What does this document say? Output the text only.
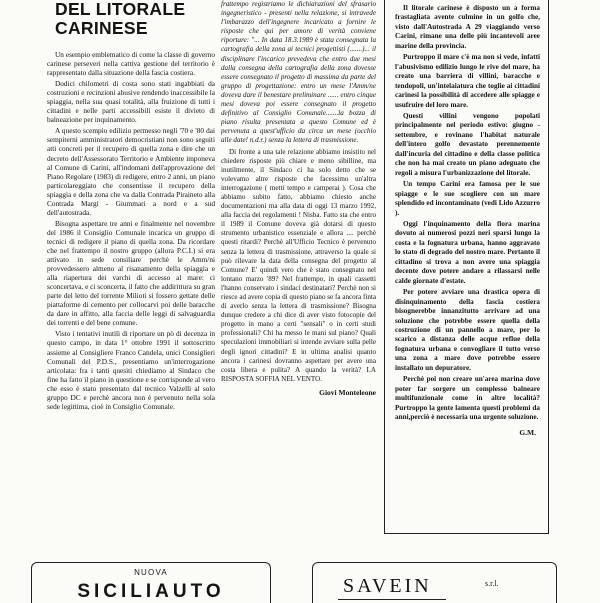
DEL LITORALE CARINESE

Un esempio emblematico di come la classe di governo carinese perseveri nella cattiva gestione del territorio è rappresentato dalla situazione della fascia costiera.

Dodici chilometri di costa sono stati ingabbiati da costruzioni e recinzioni abusive rendendo inaccessibile la spiaggia, nella sua quasi totalità, alla fruizione di tutti i cittadini e nelle parti accessibili esiste il divieto di balneazione per inquinamento.

A questo scempio edilizio permesso negli '70 e '80 dai sempiterni amministratori democristiani non sono seguiti atti concreti per il recupero di quella zona e dire che un decreto dell'Assessorato Territorio e Ambiente imponeva al Comune di Carini, all'indomani dell'approvazione del Piano Regolare (1983) di redigere, entro 2 anni, un piano particolareggiato che consentisse il recupero della spiaggia e della zona che va dalla Contrada Piraineto alla Contrada Margi - Giummari a nord e a sud dell'autostrada.

Bisogna aspettare tre anni e finalmente nel novembre del 1986 il Consiglio Comunale incarica un gruppo di tecnici di redigere il piano di quella zona. Da ricordare che nel frattempo il nostro gruppo (allora P.C.I.) si era attivato in sede consiliare perchè le Amm/ni provvedessero almeno al risanamento della spiaggia e alla riapertura dei varchi di accesso al mare: ci sconcertava, e ci sconcerta, il fatto che addirittura su gran parte del letto del torrente Milioti si fossero gettate delle piattaforme di cemento per collocarvi poi delle baracche da dare in affitto, alla faccia delle leggi di salvaguardia dei torrenti e del bene comune.

Visto i tentativi inutili di riportare un pò di decenza in questo campo, in data 1° ottobre 1991 il sottoscritto assieme al Consigliere Franco Candela, unici Consiglieri Comunali del P.D.S., presentiamo un'interrogazione articolata: fra i tanti quesiti chiediamo al Sindaco che fine ha fatto il piano in questione e se corrisponde al vero che esso è stato presentato dal tecnico Valzelli al solo gruppo DC e perchè ancora non è pervenuto nella sola sede legittima, cioè in Consiglio Comunale.

frattempo registriamo le dichiarazioni del sfrasario ingegneristico - presenti nella relazione, si intravede l'imbarazzo dell'ingegnere incaricato a fornire le risposte che qui per amore di verità conviene riportare: "... In data 18.3.1989 è stata consegnata la cartografia della zona ai tecnici progettisti (.......)... il disciplinare l'incarico prevedeva che entro due mesi dalla consegna della cartografia della zona dovesse essere consegnato il progetto di massima da parte del gruppo di progettazione: entro un mese l'Amm/ne doveva dare il benestare preliminare ...... entro cinque mesi doveva poi essere consegnato il progetto definitivo al Consiglio Comunale.......la bozza di piano risulta presentata a questo Comune ed è pervenuta a quest'ufficio da circa un mese (occhio alle date! n.d.r.) senza la lettera di trasmissione.

Di fronte a una tale relazione abbiamo insistito nel chiedere risposte più chiare e meno sibilline, ma inutilmente, il Sindaco ci ha solo detto che se volevamo altre risposte che facessimo un'altra interrogazione ( metti tempo e camperai ). Cosa che abbiamo subito fatto, abbiamo chiesto anche documentazioni ma alla data di oggi 13 marzo 1992, alla faccia dei regolamenti ! Nisba. Fatto sta che entro il 1989 il Comune doveva già dotarsi di questo strumento urbanistico essenziale e allora .... perchè questi ritardi? Perchè all'Ufficio Tecnico è pervenuto senza la lettera di trasmissione, attraverso la quale si può rilevare la data della consegna del progetto al Comune? E' quindi vero che è stato consegnato nel lontano marzo '89? Nel frattempo, in quali cassetti l'hanno conservato i sindaci destinatari? Perchè non si riesce ad avere copia di questo piano se fa ancora finta di averlo senza la lettera di trasmissione? Bisogna dunque credere a chi dice di aver visto fotocopie del progetto in mano a certi "sensali" o in certi studi professionali? Chi ha messo le mani sul piano? Quali speculazioni immobiliari si intende avviare sulla pelle degli ignori cittadini? E in ultima analisi quanto ancora i carinesi dovranno aspettare per avere una costa libera e pulita? A quando la verità? LA RISPOSTA SOFFIA NEL VENTO.

Giovi Monteleone

Il litorale carinese è disposto un a forma frastagliata avente culmine in un golfo che, visto dall'Autostrada A 29 viaggiando verso Carini, rimane una delle più incantevoli aree marine della provincia.

Purtroppo il mare c'è ma non si vede, infatti l'abusivismo edilizio lungo le rive del mare, ha creato una barriera di villini, baracche e tendopoli, un'intelaiatura che toglie ai cittadini carinesi la possibilità di accedere alle spiagge e usufruire del loro mare.

Questi villini vengono popolati principalmente nel periodo estivo: giugno - settembre, e rovinano l'habitat naturale dell'intero golfo devastato perennemente dall'incuria del cittadino e della classe politica che non ha mai creato un piano adeguato che regoli a misura l'urbanizzazione del litorale.

Un tempo Carini era famosa per le sue spiagge e le sue scogliere con un mare splendido ed incontaminato (vedi Lido Azzurro ).

Oggi l'inquinamento della flora marina dovuto ai numerosi pozzi neri sparsi lungo la costa e la fognatura urbana, hanno aggravato lo stato di degrado del nostro mare. Pertanto il cittadino si trova a non avere una spiaggia decente dove potere andare a rilassarsi nelle calde giornate d'estate.

Per potere avviare una drastica opera di disinquinamento della fascia costiera bisognerebbe innanzitutto arrivare ad una soluzione che potrebbe essere quella della costruzione di un pannello a mare, per lo scarico a distanza delle acque reflue della fognatura urbana e convogliare il tutto verso una zona a mare dove potrebbe essere installato un depuratore.

Perchè poi non creare un'area marina dove poter far sorgere un complesso balneare multifunzionale come in altre località? Purtroppo la gente lamenta questi problemi da anni,perciò è necessaria una urgente soluzione.

G.M.
NUOVA
SICILIAUTO	SAVEIN	s.r.l.
